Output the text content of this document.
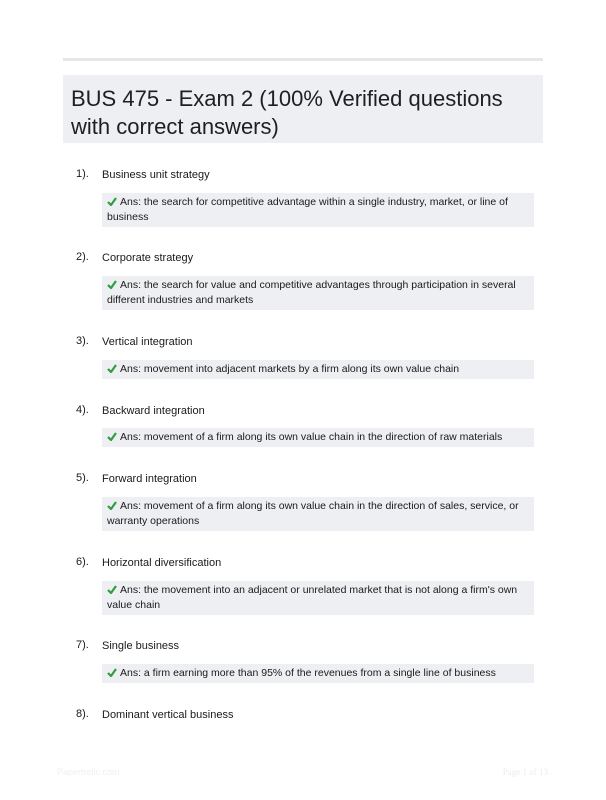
BUS 475 - Exam 2 (100% Verified questions with correct answers)
1). Business unit strategy
Ans: the search for competitive advantage within a single industry, market, or line of business
2). Corporate strategy
Ans: the search for value and competitive advantages through participation in several different industries and markets
3). Vertical integration
Ans: movement into adjacent markets by a firm along its own value chain
4). Backward integration
Ans: movement of a firm along its own value chain in the direction of raw materials
5). Forward integration
Ans: movement of a firm along its own value chain in the direction of sales, service, or warranty operations
6). Horizontal diversification
Ans: the movement into an adjacent or unrelated market that is not along a firm's own value chain
7). Single business
Ans: a firm earning more than 95% of the revenues from a single line of business
8). Dominant vertical business
Papertrelic.com	Page 1 of 13
